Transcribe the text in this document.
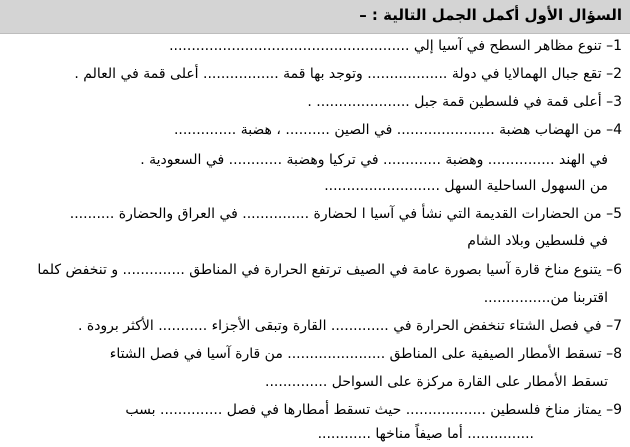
السؤال الأول أكمل الجمل التالية : –
1– تنوع مظاهر السطح في آسيا إلي ......................................................
2– تقع جبال الهمالايا في دولة .................. وتوجد بها قمة ................. أعلى قمة في العالم .
3– أعلى قمة في فلسطين قمة جبل ..................... .
4– من الهضاب هضبة ...................... في الصين .......... ، هضبة ..............
في الهند ............... وهضبة ............. في تركيا وهضبة ............ في السعودية .
من السهول الساحلية السهل ..........................
5– من الحضارات القديمة التي نشأ في آسيا ا لحضارة ............... في العراق والحضارة ..........
في فلسطين وبلاد الشام
6– يتنوع مناخ قارة آسيا بصورة عامة في الصيف ترتفع الحرارة في المناطق .............. و تنخفض كلما
اقتربنا من...............
7– في فصل الشتاء تنخفض الحرارة في ............. القارة وتبقى الأجزاء ........... الأكثر برودة .
8– تسقط الأمطار الصيفية على المناطق ...................... من قارة آسيا في فصل الشتاء
تسقط الأمطار على القارة مركزة على السواحل ..............
9– يمتاز مناخ فلسطين .................. حيث تسقط أمطارها في فصل .............. بسب
............... أما صيفاً مناخها ............
